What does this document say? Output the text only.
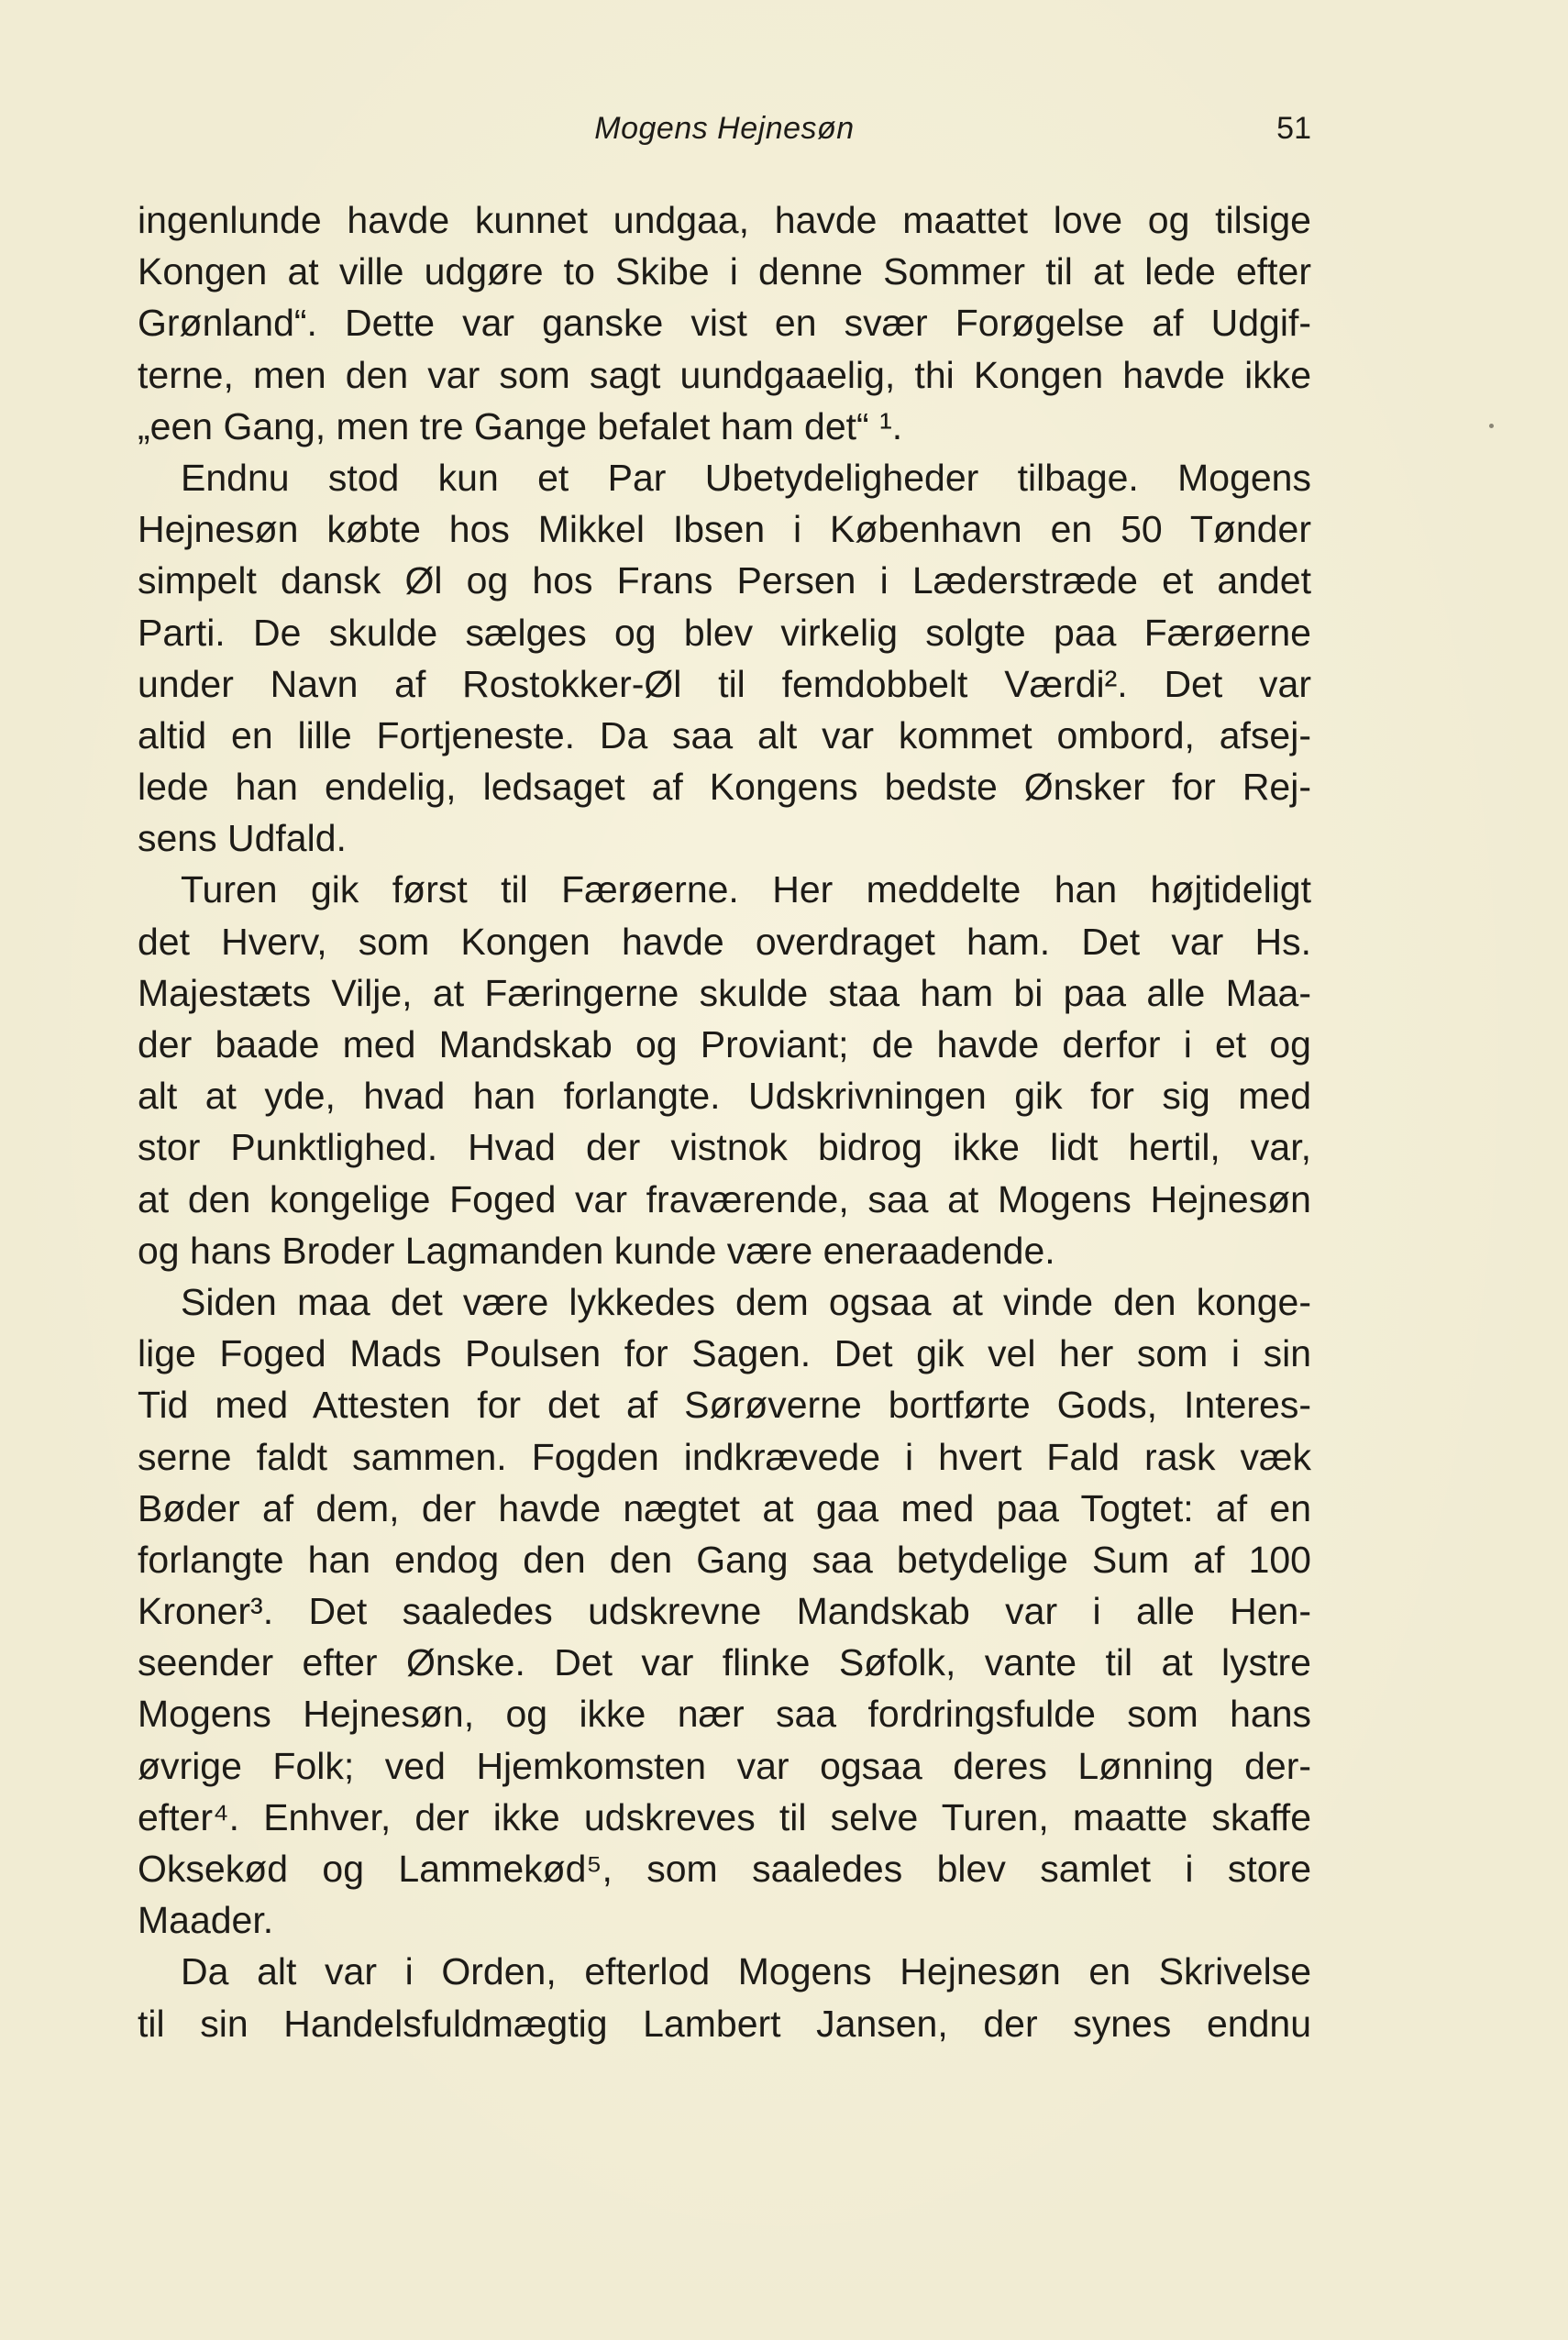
Mogens Hejnesøn	51
ingenlunde havde kunnet undgaa, havde maattet love og tilsige
Kongen at ville udgøre to Skibe i denne Sommer til at lede efter
Grønland“. Dette var ganske vist en svær Forøgelse af Udgif-
terne, men den var som sagt uundgaaelig, thi Kongen havde ikke
„een Gang, men tre Gange befalet ham det“ ¹.
Endnu stod kun et Par Ubetydeligheder tilbage. Mogens
Hejnesøn købte hos Mikkel Ibsen i København en 50 Tønder
simpelt dansk Øl og hos Frans Persen i Læderstræde et andet
Parti. De skulde sælges og blev virkelig solgte paa Færøerne
under Navn af Rostokker-Øl til femdobbelt Værdi². Det var
altid en lille Fortjeneste. Da saa alt var kommet ombord, afsej-
lede han endelig, ledsaget af Kongens bedste Ønsker for Rej-
sens Udfald.
Turen gik først til Færøerne. Her meddelte han højtideligt
det Hverv, som Kongen havde overdraget ham. Det var Hs.
Majestæts Vilje, at Færingerne skulde staa ham bi paa alle Maa-
der baade med Mandskab og Proviant; de havde derfor i et og
alt at yde, hvad han forlangte. Udskrivningen gik for sig med
stor Punktlighed. Hvad der vistnok bidrog ikke lidt hertil, var,
at den kongelige Foged var fraværende, saa at Mogens Hejnesøn
og hans Broder Lagmanden kunde være eneraadende.
Siden maa det være lykkedes dem ogsaa at vinde den konge-
lige Foged Mads Poulsen for Sagen. Det gik vel her som i sin
Tid med Attesten for det af Sørøverne bortførte Gods, Interes-
serne faldt sammen. Fogden indkrævede i hvert Fald rask væk
Bøder af dem, der havde nægtet at gaa med paa Togtet: af en
forlangte han endog den den Gang saa betydelige Sum af 100
Kroner³. Det saaledes udskrevne Mandskab var i alle Hen-
seender efter Ønske. Det var flinke Søfolk, vante til at lystre
Mogens Hejnesøn, og ikke nær saa fordringsfulde som hans
øvrige Folk; ved Hjemkomsten var ogsaa deres Lønning der-
efter⁴. Enhver, der ikke udskreves til selve Turen, maatte skaffe
Oksekød og Lammekød⁵, som saaledes blev samlet i store
Maader.
Da alt var i Orden, efterlod Mogens Hejnesøn en Skrivelse
til sin Handelsfuldmægtig Lambert Jansen, der synes endnu
